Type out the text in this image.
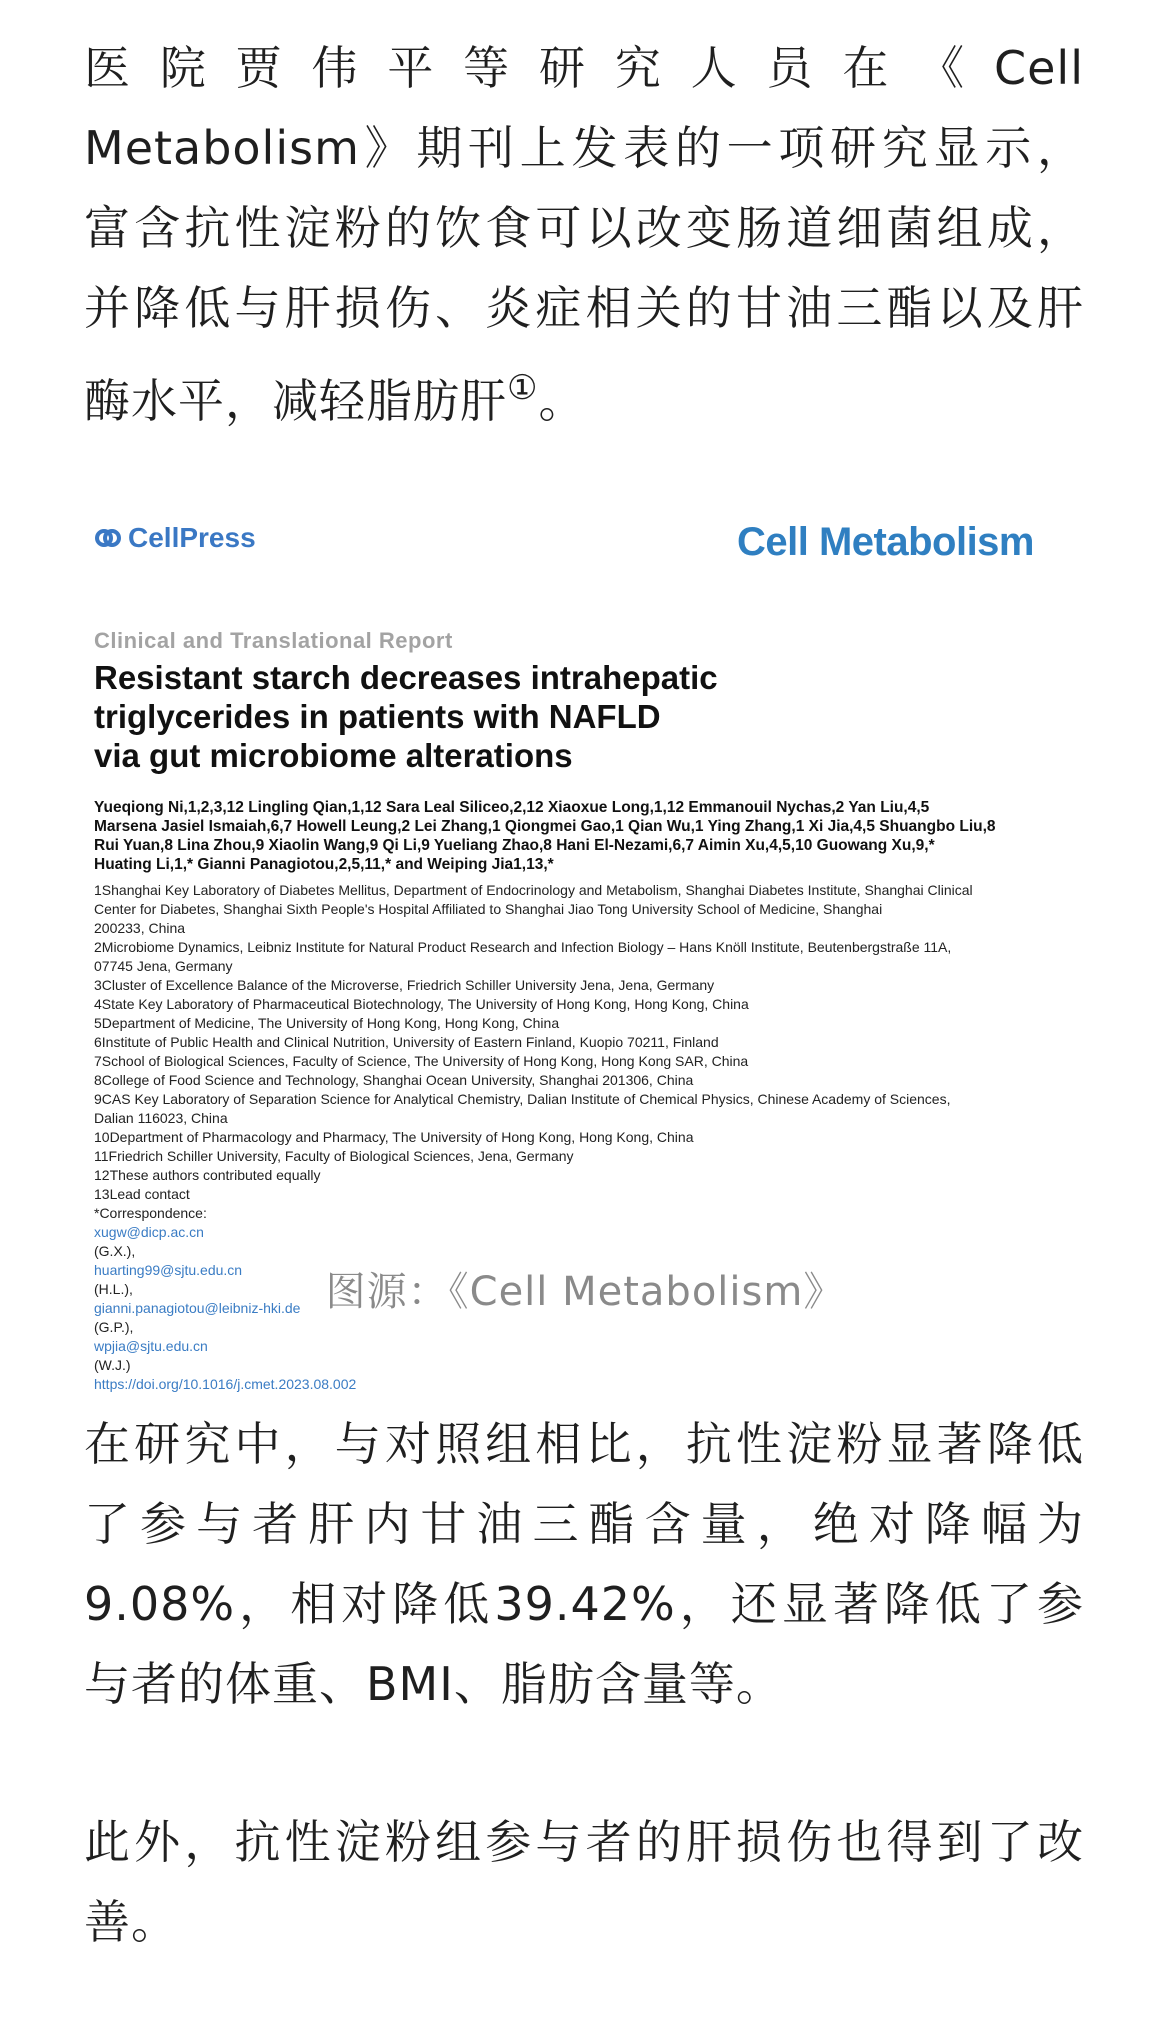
医院贾伟平等研究人员在《Cell
Metabolism》期刊上发表的一项研究显示，
富含抗性淀粉的饮食可以改变肠道细菌组成，
并降低与肝损伤、炎症相关的甘油三酯以及肝
酶水平，减轻脂肪肝①。
CellPress	Cell Metabolism
Clinical and Translational Report
Resistant starch decreases intrahepatic
triglycerides in patients with NAFLD
via gut microbiome alterations
Yueqiong Ni,1,2,3,12 Lingling Qian,1,12 Sara Leal Siliceo,2,12 Xiaoxue Long,1,12 Emmanouil Nychas,2 Yan Liu,4,5
Marsena Jasiel Ismaiah,6,7 Howell Leung,2 Lei Zhang,1 Qiongmei Gao,1 Qian Wu,1 Ying Zhang,1 Xi Jia,4,5 Shuangbo Liu,8
Rui Yuan,8 Lina Zhou,9 Xiaolin Wang,9 Qi Li,9 Yueliang Zhao,8 Hani El-Nezami,6,7 Aimin Xu,4,5,10 Guowang Xu,9,*
Huating Li,1,* Gianni Panagiotou,2,5,11,* and Weiping Jia1,13,*
1Shanghai Key Laboratory of Diabetes Mellitus, Department of Endocrinology and Metabolism, Shanghai Diabetes Institute, Shanghai Clinical
Center for Diabetes, Shanghai Sixth People's Hospital Affiliated to Shanghai Jiao Tong University School of Medicine, Shanghai
200233, China
2Microbiome Dynamics, Leibniz Institute for Natural Product Research and Infection Biology – Hans Knöll Institute, Beutenbergstraße 11A,
07745 Jena, Germany
3Cluster of Excellence Balance of the Microverse, Friedrich Schiller University Jena, Jena, Germany
4State Key Laboratory of Pharmaceutical Biotechnology, The University of Hong Kong, Hong Kong, China
5Department of Medicine, The University of Hong Kong, Hong Kong, China
6Institute of Public Health and Clinical Nutrition, University of Eastern Finland, Kuopio 70211, Finland
7School of Biological Sciences, Faculty of Science, The University of Hong Kong, Hong Kong SAR, China
8College of Food Science and Technology, Shanghai Ocean University, Shanghai 201306, China
9CAS Key Laboratory of Separation Science for Analytical Chemistry, Dalian Institute of Chemical Physics, Chinese Academy of Sciences,
Dalian 116023, China
10Department of Pharmacology and Pharmacy, The University of Hong Kong, Hong Kong, China
11Friedrich Schiller University, Faculty of Biological Sciences, Jena, Germany
12These authors contributed equally
13Lead contact
*Correspondence:
xugw@dicp.ac.cn
(G.X.),
huarting99@sjtu.edu.cn
(H.L.),
gianni.panagiotou@leibniz-hki.de
(G.P.),
wpjia@sjtu.edu.cn
(W.J.)
https://doi.org/10.1016/j.cmet.2023.08.002
图源：《Cell Metabolism》
在研究中，与对照组相比，抗性淀粉显著降低
了参与者肝内甘油三酯含量，绝对降幅为
9.08%，相对降低39.42%，还显著降低了参
与者的体重、BMI、脂肪含量等。
此外，抗性淀粉组参与者的肝损伤也得到了改
善。
